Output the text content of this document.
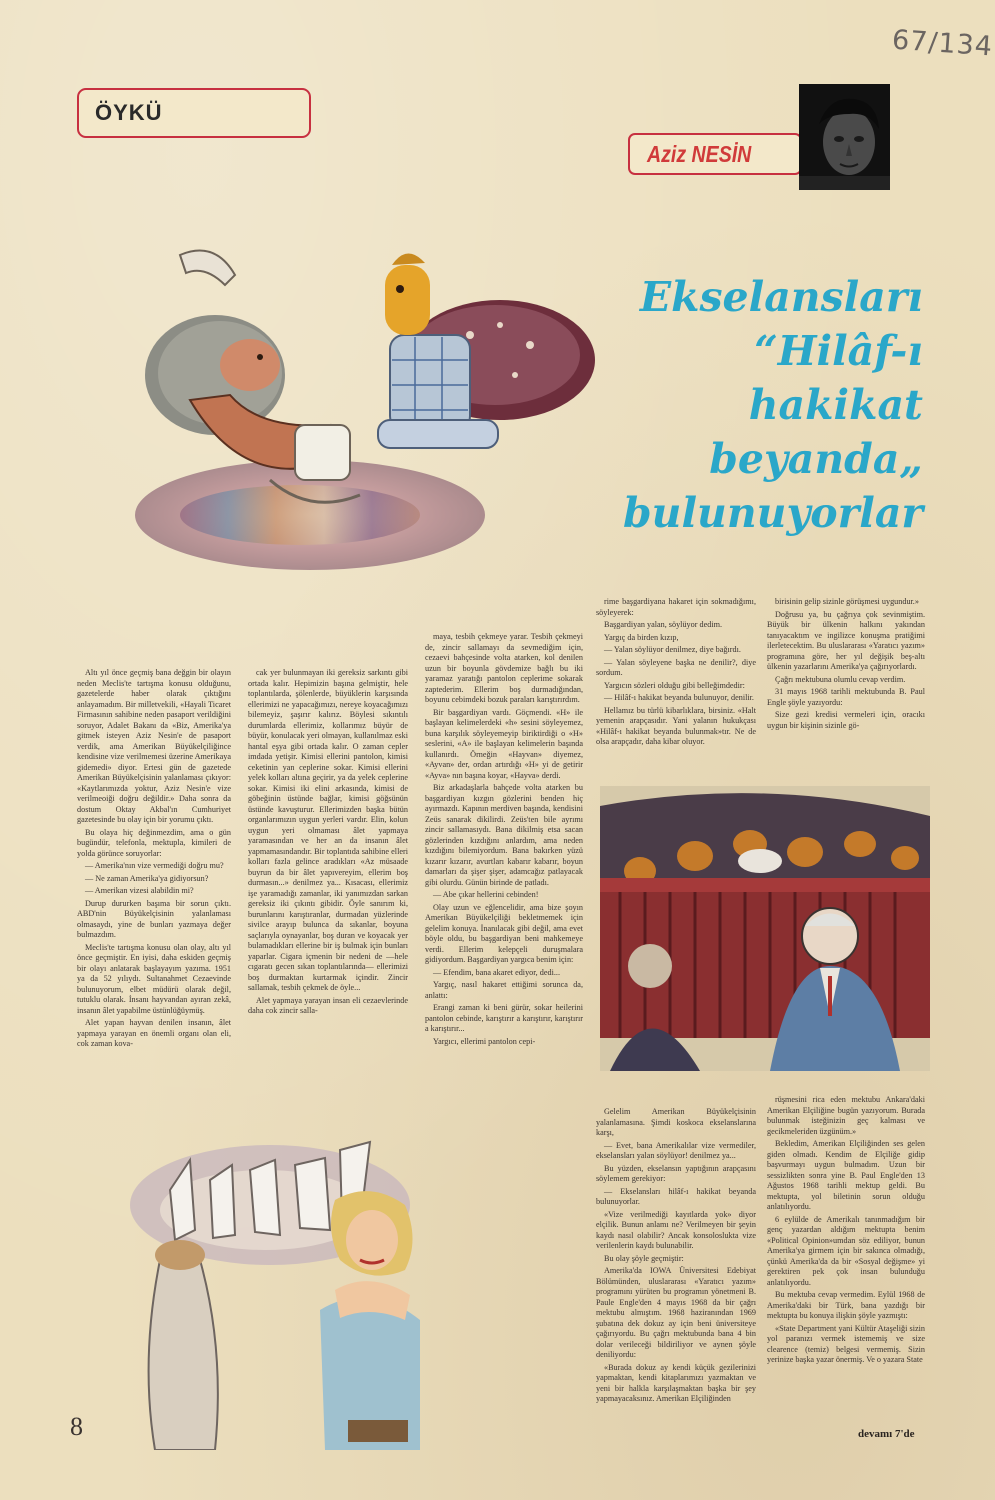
67/134
ÖYKÜ
Aziz NESİN
Ekselansları
“Hilâf-ı
hakikat
beyanda„
bulunuyorlar

Altı yıl önce geçmiş bana değgin bir olayın neden Meclis'te tartışma konusu olduğunu, gazetelerde haber olarak çıktığını anlayamadım. Bir milletvekili, «Hayali Ticaret Firmasının sahibine neden pasaport verildiğini soruyor, Adalet Bakanı da «Biz, Amerika'ya gitmek isteyen Aziz Nesin'e de pasaport verdik, ama Amerikan Büyükelçiliğince kendisine vize verilmemesi üzerine Amerikaya gidemedi» diyor. Ertesi gün de gazetede Amerikan Büyükelçisinin yalanlaması çıkıyor: «Kaytlarımızda yoktur, Aziz Nesin'e vize verilmeoiği doğru değildir.» Daha sonra da dostum Oktay Akbal'ın Cumhuriyet gazetesinde bu olay için bir yorumu çıktı.

Bu olaya hiç değinmezdim, ama o gün bugündür, telefonla, mektupla, kimileri de yolda görünce soruyorlar:

— Amerika'nın vize vermediği doğru mu?

— Ne zaman Amerika'ya gidiyorsun?

— Amerikan vizesi alabildin mi?

Durup dururken başıma bir sorun çıktı. ABD'nin Büyükelçisinin yalanlaması olmasaydı, yine de bunları yazmaya değer bulmazdım.

Meclis'te tartışma konusu olan olay, altı yıl önce geçmiştir. En iyisi, daha eskiden geçmiş bir olayı anlatarak başlayayım yazıma. 1951 ya da 52 yılıydı. Sultanahmet Cezaevinde bulunuyorum, elbet müdürü olarak değil, tutuklu olarak. İnsanı hayvandan ayıran zekâ, insanın âlet yapabilme üstünlüğüymüş.

Alet yapan hayvan denilen insanın, âlet yapmaya yarayan en önemli organı olan eli, cok zaman kova-

cak yer bulunmayan iki gereksiz sarkıntı gibi ortada kalır. Hepimizin başına gelmiştir, hele toplantılarda, şölenlerde, büyüklerin karşısında ellerimizi ne yapacağımızı, nereye koyacağımızı bilemeyiz, şaşırır kalırız. Böylesi sıkıntılı durumlarda ellerimiz, kollarımız büyür de büyür, konulacak yeri olmayan, kullanılmaz eski hantal eşya gibi ortada kalır. O zaman cepler imdada yetişir. Kimisi ellerini pantolon, kimisi ceketinin yan ceplerine sokar. Kimisi ellerini yelek kolları altına geçirir, ya da yelek ceplerine sokar. Kimisi iki elini arkasında, kimisi de göbeğinin üstünde bağlar, kimisi göğsünün üstünde kavuşturur. Ellerimizden başka bütün organlarımızın uygun yerleri vardır. Elin, kolun uygun yeri olmaması âlet yapmaya yaramasından ve her an da insanın âlet yapmamasındandır. Bir toplantıda sahibine elleri kolları fazla gelince aradıkları «Az müsaade buyrun da bir âlet yapıvereyim, ellerim boş durmasın...» denilmez ya... Kısacası, ellerimiz işe yaramadığı zamanlar, iki yanımızdan sarkan gereksiz iki çıkıntı gibidir. Öyle sanırım ki, burunlarını karıştıranlar, durmadan yüzlerinde sivilce arayıp bulunca da sıkanlar, boyuna saçlarıyla oynayanlar, boş duran ve koyacak yer bulamadıkları ellerine bir iş bulmak için bunları yaparlar. Cigara içmenin bir nedeni de —hele cıgaratı gecen sıkan toplantılarında— ellerimizi boş durmaktan kurtarmak içindir. Zincir sallamak, tesbih çekmek de öyle...

Alet yapmaya yarayan insan eli cezaevlerinde daha cok zincir salla-

maya, tesbih çekmeye yarar. Tesbih çekmeyi de, zincir sallamayı da sevmediğim için, cezaevi bahçesinde volta atarken, kol denilen uzun bir boyunla gövdemize bağlı bu iki yaramaz yaratığı pantolon ceplerime sokarak zaptederim. Ellerim boş durmadığından, boyunu cebimdeki bozuk paraları karıştırırdım.

Bir başgardiyan vardı. Göçmendi. «H» ile başlayan kelimelerdeki «h» sesini söyleyemez, buna karşılık söyleyemeyip biriktirdiği o «H» seslerini, «A» ile başlayan kelimelerin başında kullanırdı. Örneğin «Hayvan» diyemez, «Ayvan» der, ordan artırdığı «H» yi de getirir «Ayva» nın başına koyar, «Hayva» derdi.

Biz arkadaşlarla bahçede volta atarken bu başgardiyan kızgın gözlerini benden hiç ayırmazdı. Kapının merdiven başında, kendisini Zeüs sanarak dikilirdi. Zeüs'ten bile ayrımı zincir sallamasıydı. Bana dikilmiş etsa sacan gözlerinden kızdığını anlardım, ama neden kızdığını bilemiyordum. Bana bakırken yüzü kızarır kızarır, avurtları kabarır kabarır, boyun damarları da şişer şişer, adamcağız patlayacak gibi olurdu. Günün birinde de patladı.

— Abe çıkar hellerini cebinden!

Olay uzun ve eğlencelidir, ama bize şoyın Amerikan Büyükelçiliği bekletmemek için gelelim konuya. İnanılacak gibi değil, ama evet böyle oldu, bu başgardiyan beni mahkemeye verdi. Ellerim kelepçeli duruşmalara gidiyordum. Başgardiyan yargıca benim için:

— Efendim, bana akaret ediyor, dedi...

Yargıç, nasıl hakaret ettiğimi sorunca da, anlattı:

Erangi zaman ki beni gürür, sokar heilerini pantolon cebinde, karıştırır a karıştırır, karıştırır a karıştırır...

Yargıcı, ellerimi pantolon cepi-

rime başgardiyana hakaret için sokmadığımı, söyleyerek:

Başgardiyan yalan, söylüyor dedim.

Yargıç da birden kızıp,

— Yalan söylüyor denilmez, diye bağırdı.

— Yalan söyleyene başka ne denilir?, diye sordum.

Yargıcın sözleri olduğu gibi belleğimdedir:

— Hilâf-ı hakikat beyanda bulunuyor, denilir.

Hellamız bu türlü kibarlıklara, birsiniz. «Halt yemenin arapçasıdır. Yani yalanın hukukçası «Hilâf-ı hakikat beyanda bulunmak»tır. Ne de olsa arapçadır, daha kibar oluyor.

birisinin gelip sizinle görüşmesi uygundur.»

Doğrusu ya, bu çağrıya çok sevinmiştim. Büyük bir ülkenin halkını yakından tanıyacaktım ve ingilizce konuşma pratiğimi ilerletecektim. Bu uluslararası «Yaratıcı yazım» programına göre, her yıl değişik beş-altı ülkenin yazarlarını Amerika'ya çağırıyorlardı.

Çağrı mektubuna olumlu cevap verdim.

31 mayıs 1968 tarihli mektubunda B. Paul Engle şöyle yazıyordu:

Size gezi kredisi vermeleri için, oracıkı uygun bir kişinin sizinle gö-

Gelelim Amerikan Büyükelçisinin yalanlamasına. Şimdi koskoca ekselanslarına karşı,

— Evet, bana Amerikalılar vize vermediler, ekselansları yalan söylüyor! denilmez ya...

Bu yüzden, ekselansın yaptığının arapçasını söylemem gerekiyor:

— Ekselansları hilâf-ı hakikat beyanda bulunuyorlar.

«Vize verilmediği kayıtlarda yok» diyor elçilik. Bunun anlamı ne? Verilmeyen bir şeyin kaydı nasıl olabilir? Ancak konsoloslukta vize verilenlerin kaydı bulunabilir.

Bu olay şöyle geçmiştir:

Amerika'da IOWA Üniversitesi Edebiyat Bölümünden, uluslararası «Yaratıcı yazım» programını yürüten bu programın yönetmeni B. Paule Engle'den 4 mayıs 1968 da bir çağrı mektubu almıştım. 1968 haziranından 1969 şubatına dek dokuz ay için beni üniversiteye çağırıyordu. Bu çağrı mektubunda bana 4 bin dolar verileceği bildiriliyor ve aynen şöyle deniliyordu:

«Burada dokuz ay kendi küçük gezilerinizi yapmaktan, kendi kitaplarımızı yazmaktan ve yeni bir halkla karşılaşmaktan başka bir şey yapmayacaksınız. Amerikan Elçiliğinden

rüşmesini rica eden mektubu Ankara'daki Amerikan Elçiliğine bugün yazıyorum. Burada bulunmak isteğinizin geç kalması ve gecikmeleriden üzgünüm.»

Bekledim, Amerikan Elçiliğinden ses gelen giden olmadı. Kendim de Elçiliğe gidip başvurmayı uygun bulmadım. Uzun bir sessizlikten sonra yine B. Paul Engle'den 13 Ağustos 1968 tarihli mektup geldi. Bu mektupta, yol biletinin sorun olduğu anlatılıyordu.

6 eylülde de Amerikalı tanınmadığım bir genç yazardan aldığım mektupta benim «Political Opinion»umdan söz ediliyor, bunun Amerika'ya girmem için bir sakınca olmadığı, çünkü Amerika'da da bir «Sosyal değişme» yi gerektiren pek çok insan bulunduğu anlatılıyordu.

Bu mektuba cevap vermedim. Eylül 1968 de Amerika'daki bir Türk, bana yazdığı bir mektupta bu konuya ilişkin şöyle yazmıştı:

«State Department yani Kültür Ataşeliği sizin yol paranızı vermek istememiş ve size clearence (temiz) belgesi vermemiş. Sizin yerinize başka yazar önermiş. Ve o yazara State

8	devamı 7'de
